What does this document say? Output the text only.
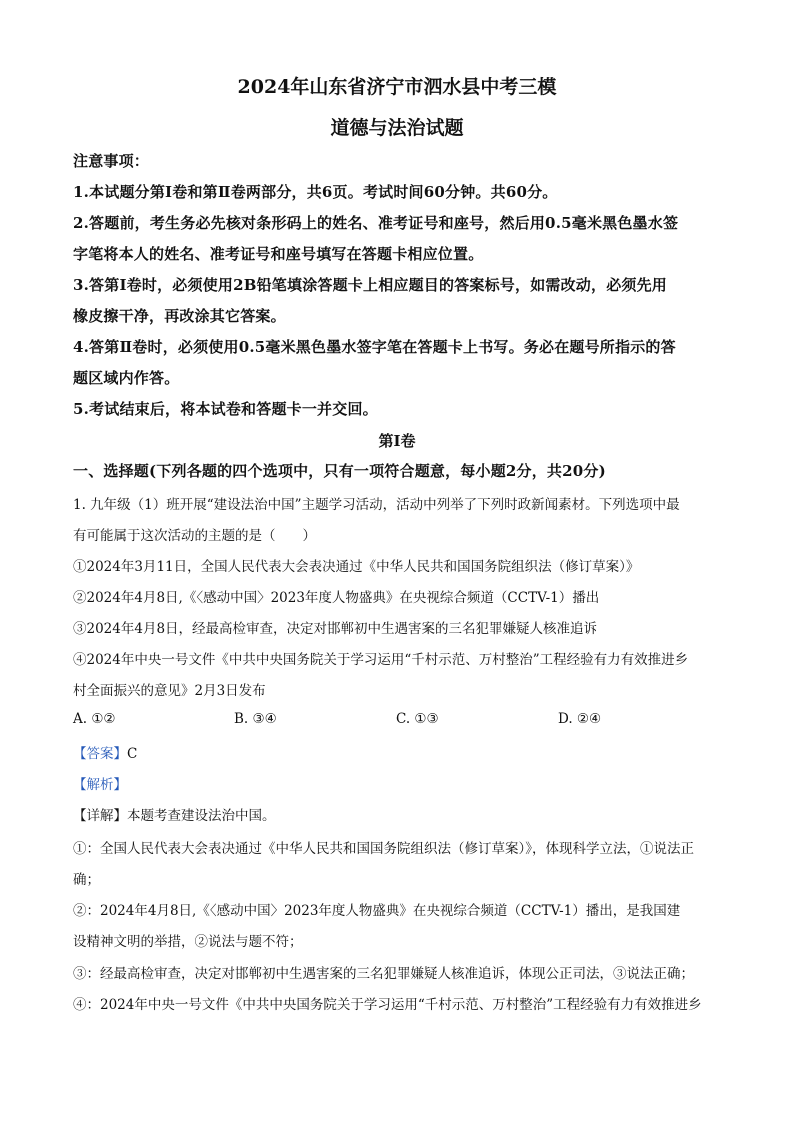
2024年山东省济宁市泗水县中考三模
道德与法治试题
注意事项：
1.本试题分第Ⅰ卷和第Ⅱ卷两部分，共6页。考试时间60分钟。共60分。
2.答题前，考生务必先核对条形码上的姓名、准考证号和座号，然后用0.5毫米黑色墨水签
字笔将本人的姓名、准考证号和座号填写在答题卡相应位置。
3.答第Ⅰ卷时，必须使用2B铅笔填涂答题卡上相应题目的答案标号，如需改动，必须先用
橡皮擦干净，再改涂其它答案。
4.答第Ⅱ卷时，必须使用0.5毫米黑色墨水签字笔在答题卡上书写。务必在题号所指示的答
题区域内作答。
5.考试结束后，将本试卷和答题卡一并交回。
第Ⅰ卷
一、选择题(下列各题的四个选项中，只有一项符合题意，每小题2分，共20分)
1. 九年级（1）班开展“建设法治中国”主题学习活动，活动中列举了下列时政新闻素材。下列选项中最
有可能属于这次活动的主题的是（　　）
①2024年3月11日，全国人民代表大会表决通过《中华人民共和国国务院组织法（修订草案）》
②2024年4月8日,《〈感动中国〉2023年度人物盛典》在央视综合频道（CCTV-1）播出
③2024年4月8日，经最高检审查，决定对邯郸初中生遇害案的三名犯罪嫌疑人核准追诉
④2024年中央一号文件《中共中央国务院关于学习运用“千村示范、万村整治”工程经验有力有效推进乡
村全面振兴的意见》2月3日发布
A. ①②	B. ③④	C. ①③	D. ②④
【答案】C
【解析】
【详解】本题考查建设法治中国。
①：全国人民代表大会表决通过《中华人民共和国国务院组织法（修订草案）》，体现科学立法，①说法正
确；
②：2024年4月8日,《〈感动中国〉2023年度人物盛典》在央视综合频道（CCTV-1）播出，是我国建
设精神文明的举措，②说法与题不符；
③：经最高检审查，决定对邯郸初中生遇害案的三名犯罪嫌疑人核准追诉，体现公正司法，③说法正确；
④：2024年中央一号文件《中共中央国务院关于学习运用“千村示范、万村整治”工程经验有力有效推进乡
